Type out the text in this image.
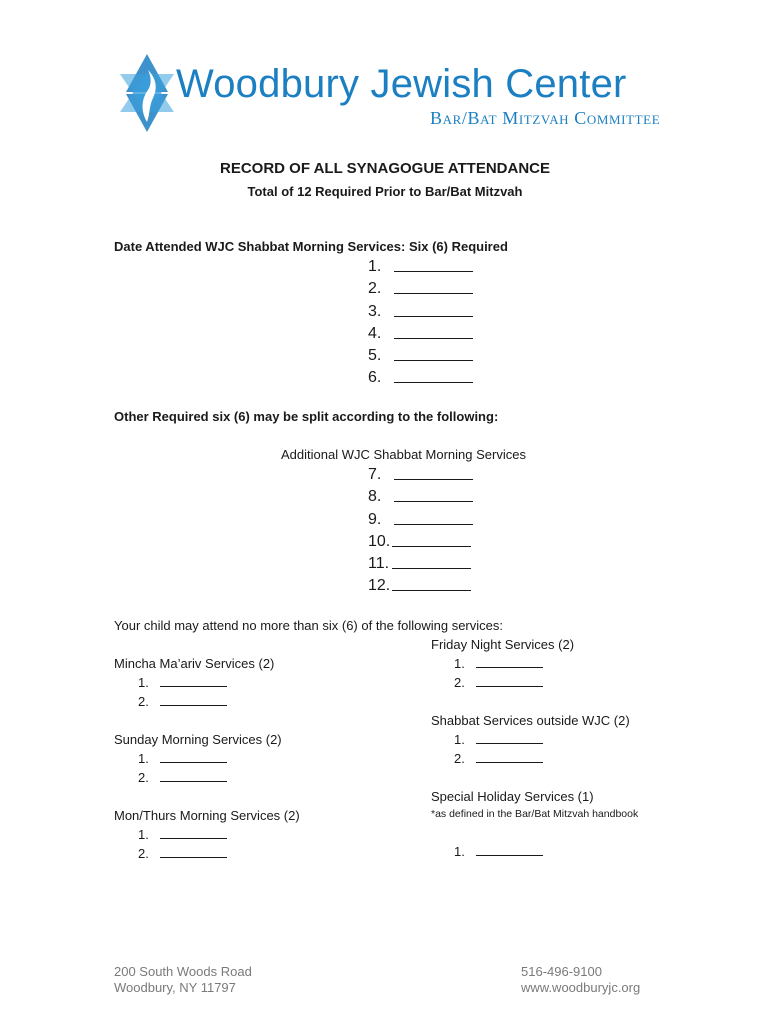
Woodbury Jewish Center
Bar/Bat Mitzvah Committee
RECORD OF ALL SYNAGOGUE ATTENDANCE
Total of 12 Required Prior to Bar/Bat Mitzvah
Date Attended WJC Shabbat Morning Services: Six (6) Required
1.
2.
3.
4.
5.
6.
Other Required six (6) may be split according to the following:
Additional WJC Shabbat Morning Services
7.
8.
9.
10.
11.
12.
Your child may attend no more than six (6) of the following services:
Mincha Ma’ariv Services (2)
1.
2.
Sunday Morning Services (2)
1.
2.
Mon/Thurs Morning Services (2)
1.
2.
Friday Night Services (2)
1.
2.
Shabbat Services outside WJC (2)
1.
2.
Special Holiday Services (1)
*as defined in the Bar/Bat Mitzvah handbook
1.
200 South Woods Road
Woodbury, NY 11797
516-496-9100
www.woodburyjc.org
